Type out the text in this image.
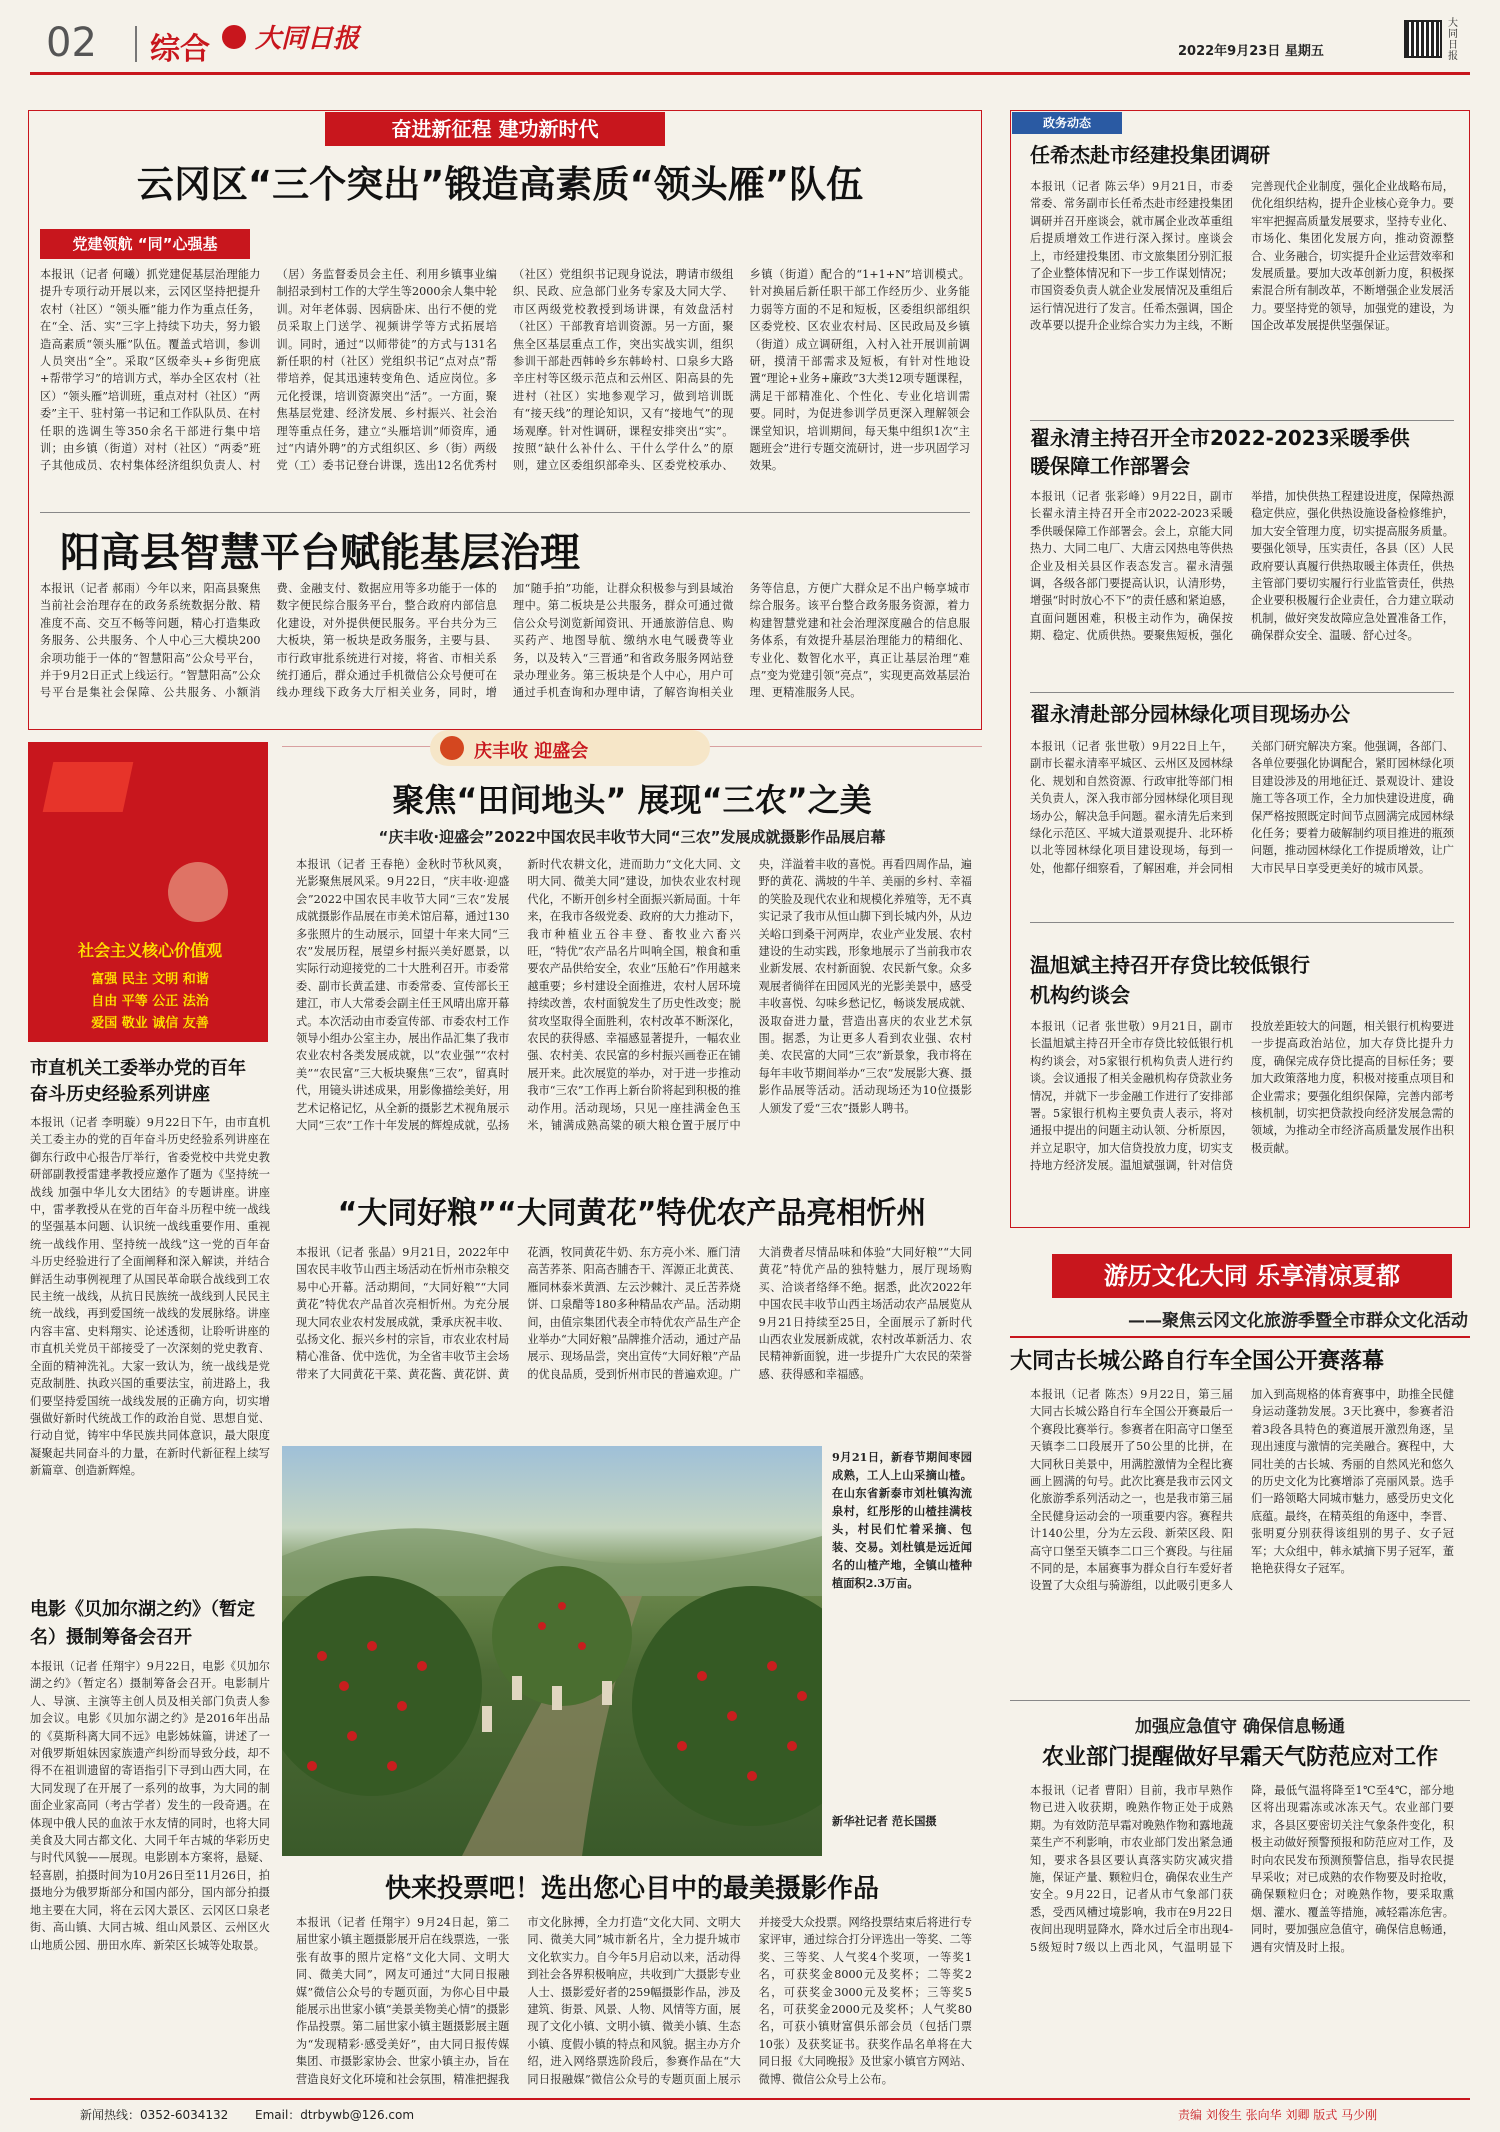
02 综合	大同日报	2022年9月23日 星期五
大同日报
奋进新征程 建功新时代
云冈区“三个突出”锻造高素质“领头雁”队伍
党建领航 “同”心强基
本报讯（记者 何曦）抓党建促基层治理能力提升专项行动开展以来，云冈区坚持把提升农村（社区）“领头雁”能力作为重点任务，在“全、活、实”三字上持续下功夫，努力锻造高素质“领头雁”队伍。覆盖式培训，参训人员突出“全”。采取“区级牵头+乡街兜底+帮带学习”的培训方式，举办全区农村（社区）“领头雁”培训班，重点对村（社区）“两委”主干、驻村第一书记和工作队队员、在村任职的选调生等350余名干部进行集中培训；由乡镇（街道）对村（社区）“两委”班子其他成员、农村集体经济组织负责人、村（居）务监督委员会主任、利用乡镇事业编制招录到村工作的大学生等2000余人集中轮训。对年老体弱、因病卧床、出行不便的党员采取上门送学、视频讲学等方式拓展培训。同时，通过“以师带徒”的方式与131名新任职的村（社区）党组织书记“点对点”帮带培养，促其迅速转变角色、适应岗位。多元化授课，培训资源突出“活”。一方面，聚焦基层党建、经济发展、乡村振兴、社会治理等重点任务，建立“头雁培训”师资库，通过“内请外聘”的方式组织区、乡（街）两级党（工）委书记登台讲课，选出12名优秀村（社区）党组织书记现身说法，聘请市级组织、民政、应急部门业务专家及大同大学、市区两级党校教授到场讲课，有效盘活村（社区）干部教育培训资源。另一方面，聚焦全区基层重点工作，突出实战实训，组织参训干部赴西韩岭乡东韩岭村、口泉乡大路辛庄村等区级示范点和云州区、阳高县的先进村（社区）实地参观学习，做到培训既有“接天线”的理论知识，又有“接地气”的现场观摩。针对性调研，课程安排突出“实”。按照“缺什么补什么、干什么学什么”的原则，建立区委组织部牵头、区委党校承办、乡镇（街道）配合的“1+1+N”培训模式。针对换届后新任职干部工作经历少、业务能力弱等方面的不足和短板，区委组织部组织区委党校、区农业农村局、区民政局及乡镇（街道）成立调研组，入村入社开展训前调研，摸清干部需求及短板，有针对性地设置“理论+业务+廉政”3大类12项专题课程，满足干部精准化、个性化、专业化培训需要。同时，为促进参训学员更深入理解领会课堂知识，培训期间，每天集中组织1次“主题班会”进行专题交流研讨，进一步巩固学习效果。
阳高县智慧平台赋能基层治理
本报讯（记者 郝雨）今年以来，阳高县聚焦当前社会治理存在的政务系统数据分散、精准度不高、交互不畅等问题，精心打造集政务服务、公共服务、个人中心三大模块200余项功能于一体的“智慧阳高”公众号平台，并于9月2日正式上线运行。“智慧阳高”公众号平台是集社会保障、公共服务、小额消费、金融支付、数据应用等多功能于一体的数字便民综合服务平台，整合政府内部信息化建设，对外提供便民服务。平台共分为三大板块，第一板块是政务服务，主要与县、市行政审批系统进行对接，将省、市相关系统打通后，群众通过手机微信公众号便可在线办理线下政务大厅相关业务，同时，增加“随手拍”功能，让群众积极参与到县域治理中。第二板块是公共服务，群众可通过微信公众号浏览新闻资讯、开通旅游信息、购买药产、地图导航、缴纳水电气暖费等业务，以及转入“三晋通”和省政务服务网站登录办理业务。第三板块是个人中心，用户可通过手机查询和办理申请，了解咨询相关业务等信息，方便广大群众足不出户畅享城市综合服务。该平台整合政务服务资源，着力构建智慧党建和社会治理深度融合的信息服务体系，有效提升基层治理能力的精细化、专业化、数智化水平，真正让基层治理“难点”变为党建引领“亮点”，实现更高效基层治理、更精准服务人民。
社会主义核心价值观
富强 民主 文明 和谐
自由 平等 公正 法治
爱国 敬业 诚信 友善
市直机关工委举办党的百年奋斗历史经验系列讲座
本报讯（记者 李明璇）9月22日下午，由市直机关工委主办的党的百年奋斗历史经验系列讲座在御东行政中心报告厅举行，省委党校中共党史教研部副教授雷建孝教授应邀作了题为《坚持统一战线 加强中华儿女大团结》的专题讲座。讲座中，雷孝教授从在党的百年奋斗历程中统一战线的坚强基本问题、认识统一战线重要作用、重视统一战线作用、坚持统一战线“这一党的百年奋斗历史经验进行了全面阐释和深入解读，并结合鲜活生动事例视理了从国民革命联合战线到工农民主统一战线，从抗日民族统一战线到人民民主统一战线，再到爱国统一战线的发展脉络。讲座内容丰富、史料翔实、论述透彻，让聆听讲座的市直机关党员干部接受了一次深刻的党史教育、全面的精神洗礼。大家一致认为，统一战线是党克敌制胜、执政兴国的重要法宝，前进路上，我们要坚持爱国统一战线发展的正确方向，切实增强做好新时代统战工作的政治自觉、思想自觉、行动自觉，铸牢中华民族共同体意识，最大限度凝聚起共同奋斗的力量，在新时代新征程上续写新篇章、创造新辉煌。
电影《贝加尔湖之约》（暂定名）摄制筹备会召开
本报讯（记者 任翔宇）9月22日，电影《贝加尔湖之约》（暂定名）摄制筹备会召开。电影制片人、导演、主演等主创人员及相关部门负责人参加会议。电影《贝加尔湖之约》是2016年出品的《莫斯科离大同不远》电影姊妹篇，讲述了一对俄罗斯姐妹因家族遗产纠纷而导致分歧，却不得不在祖训遗留的寄语指引下寻到山西大同，在大同发现了在开展了一系列的故事，为大同的制面企业家高同（考古学者）发生的一段奇遇。在体现中俄人民的血浓于水友情的同时，也将大同美食及大同古都文化、大同千年古城的华彩历史与时代风貌——展现。电影剧本方案将，悬疑、轻喜剧，拍摄时间为10月26日至11月26日，拍摄地分为俄罗斯部分和国内部分，国内部分拍摄地主要在大同，将在云冈大景区、云冈区口泉老街、高山镇、大同古城、组山风景区、云州区火山地质公园、册田水库、新荣区长城等处取景。
庆丰收 迎盛会
聚焦“田间地头” 展现“三农”之美
“庆丰收·迎盛会”2022中国农民丰收节大同“三农”发展成就摄影作品展启幕
本报讯（记者 王春艳）金秋时节秋风爽，光影聚焦展风采。9月22日，“庆丰收·迎盛会”2022中国农民丰收节大同“三农”发展成就摄影作品展在市美术馆启幕，通过130多张照片的生动展示，回望十年来大同“三农”发展历程，展望乡村振兴美好愿景，以实际行动迎接党的二十大胜利召开。市委常委、副市长黄孟建、市委常委、宣传部长王建江，市人大常委会副主任王风晴出席开幕式。本次活动由市委宣传部、市委农村工作领导小组办公室主办，展出作品汇集了我市农业农村各类发展成就，以“农业强”“农村美”“农民富”三大板块聚焦“三农”，留真时代，用镜头讲述成果，用影像描绘美好，用艺术记格记忆，从全新的摄影艺术视角展示大同“三农”工作十年发展的辉煌成就，弘扬新时代农耕文化，进而助力“文化大同、文明大同、微美大同”建设，加快农业农村现代化，不断开创乡村全面振兴新局面。十年来，在我市各级党委、政府的大力推动下，我市种植业五谷丰登、畜牧业六畜兴旺，“特优”农产品名片叫响全国，粮食和重要农产品供给安全，农业“压舱石”作用越来越重要；乡村建设全面推进，农村人居环境持续改善，农村面貌发生了历史性改变；脱贫攻坚取得全面胜利，农村改革不断深化，农民的获得感、幸福感显著提升，一幅农业强、农村美、农民富的乡村振兴画卷正在铺展开来。此次展览的举办，对于进一步推动我市“三农”工作再上新台阶将起到积极的推动作用。活动现场，只见一座挂满金色玉米，铺满成熟高粱的硕大粮仓置于展厅中央，洋溢着丰收的喜悦。再看四周作品，遍野的黄花、满坡的牛羊、美丽的乡村、幸福的笑脸及现代农业和规模化养殖等，无不真实记录了我市从恒山脚下到长城内外，从边关峪口到桑干河两岸，农业产业发展、农村建设的生动实践，形象地展示了当前我市农业新发展、农村新面貌、农民新气象。众多观展者徜徉在田园风光的光影美景中，感受丰收喜悦、勾味乡愁记忆，畅谈发展成就、汲取奋进力量，营造出喜庆的农业艺术氛围。据悉，为让更多人看到农业强、农村美、农民富的大同“三农”新景象，我市将在每年丰收节期间举办“三农”发展影大赛、摄影作品展等活动。活动现场还为10位摄影人颁发了爱“三农”摄影人聘书。
“大同好粮”“大同黄花”特优农产品亮相忻州
本报讯（记者 张晶）9月21日，2022年中国农民丰收节山西主场活动在忻州市杂粮交易中心开幕。活动期间，“大同好粮”“大同黄花”特优农产品首次亮相忻州。为充分展现大同农业农村发展成就，秉承庆祝丰收、弘扬文化、振兴乡村的宗旨，市农业农村局精心准备、优中选优，为全省丰收节主会场带来了大同黄花干菜、黄花酱、黄花饼、黄花酒，牧同黄花牛奶、东方亮小米、雁门清高苦荞茶、阳高杏脯杏干、浑源正北黄芪、雁同林泰米黄酒、左云沙棘汁、灵丘苦荞烧饼、口泉醋等180多种精品农产品。活动期间，由值宗集团代表全市特优农产品生产企业举办“大同好粮”品牌推介活动，通过产品展示、现场品尝，突出宣传“大同好粮”产品的优良品质，受到忻州市民的普遍欢迎。广大消费者尽情品味和体验“大同好粮”“大同黄花”特优产品的独特魅力，展厅现场购买、洽谈者络绎不绝。据悉，此次2022年中国农民丰收节山西主场活动农产品展览从9月21日持续至25日，全面展示了新时代山西农业发展新成就，农村改革新活力、农民精神新面貌，进一步提升广大农民的荣誉感、获得感和幸福感。
9月21日，新春节期间枣园成熟，工人上山采摘山楂。在山东省新泰市刘杜镇沟流泉村，红彤彤的山楂挂满枝头，村民们忙着采摘、包装、交易。刘杜镇是远近闻名的山楂产地，全镇山楂种植面积2.3万亩。
新华社记者 范长国摄
快来投票吧！选出您心目中的最美摄影作品
本报讯（记者 任翔宇）9月24日起，第二届世家小镇主题摄影展开启在线票选，一张张有故事的照片定格“文化大同、文明大同、微美大同”，网友可通过“大同日报融媒”微信公众号的专题页面，为你心目中最能展示出世家小镇“美景美物美心情”的摄影作品投票。第二届世家小镇主题摄影展主题为“发现精彩·感受美好”，由大同日报传媒集团、市摄影家协会、世家小镇主办，旨在营造良好文化环境和社会氛围，精准把握我市文化脉搏，全力打造“文化大同、文明大同、微美大同”城市新名片，全力提升城市文化软实力。自今年5月启动以来，活动得到社会各界积极响应，共收到广大摄影专业人士、摄影爱好者的259幅摄影作品，涉及建筑、街景、风景、人物、风情等方面，展现了文化小镇、文明小镇、微美小镇、生态小镇、度假小镇的特点和风貌。据主办方介绍，进入网络票选阶段后，参赛作品在“大同日报融媒”微信公众号的专题页面上展示并接受大众投票。网络投票结束后将进行专家评审，通过综合打分评选出一等奖、二等奖、三等奖、人气奖4个奖项，一等奖1名，可获奖金8000元及奖杯；二等奖2名，可获奖金3000元及奖杯；三等奖5名，可获奖金2000元及奖杯；人气奖80名，可获小镇财富俱乐部会员（包括门票10张）及获奖证书。获奖作品名单将在大同日报《大同晚报》及世家小镇官方网站、微博、微信公众号上公布。
政务动态
任希杰赴市经建投集团调研
本报讯（记者 陈云华）9月21日，市委常委、常务副市长任希杰赴市经建投集团调研并召开座谈会，就市属企业改革重组后提质增效工作进行深入探讨。座谈会上，市经建投集团、市文旅集团分别汇报了企业整体情况和下一步工作谋划情况；市国资委负责人就企业发展情况及重组后运行情况进行了发言。任希杰强调，国企改革要以提升企业综合实力为主线，不断完善现代企业制度，强化企业战略布局，优化组织结构，提升企业核心竞争力。要牢牢把握高质量发展要求，坚持专业化、市场化、集团化发展方向，推动资源整合、业务融合，切实提升企业运营效率和发展质量。要加大改革创新力度，积极探索混合所有制改革，不断增强企业发展活力。要坚持党的领导，加强党的建设，为国企改革发展提供坚强保证。
翟永清主持召开全市2022-2023采暖季供暖保障工作部署会
本报讯（记者 张彩峰）9月22日，副市长翟永清主持召开全市2022-2023采暖季供暖保障工作部署会。会上，京能大同热力、大同二电厂、大唐云冈热电等供热企业及相关县区作表态发言。翟永清强调，各级各部门要提高认识，认清形势，增强“时时放心不下”的责任感和紧迫感，直面问题困难，积极主动作为，确保按期、稳定、优质供热。要聚焦短板，强化举措，加快供热工程建设进度，保障热源稳定供应，强化供热设施设备检修维护，加大安全管理力度，切实提高服务质量。要强化领导，压实责任，各县（区）人民政府要认真履行供热取暖主体责任，供热主管部门要切实履行行业监管责任，供热企业要积极履行企业责任，合力建立联动机制，做好突发故障应急处置准备工作，确保群众安全、温暖、舒心过冬。
翟永清赴部分园林绿化项目现场办公
本报讯（记者 张世敬）9月22日上午，副市长翟永清率平城区、云州区及园林绿化、规划和自然资源、行政审批等部门相关负责人，深入我市部分园林绿化项目现场办公，解决急手问题。翟永清先后来到绿化示范区、平城大道景观提升、北环桥以北等园林绿化项目建设现场，每到一处，他都仔细察看，了解困难，并会同相关部门研究解决方案。他强调，各部门、各单位要强化协调配合，紧盯园林绿化项目建设涉及的用地征迁、景观设计、建设施工等各项工作，全力加快建设进度，确保严格按照既定时间节点圆满完成园林绿化任务；要着力破解制约项目推进的瓶颈问题，推动园林绿化工作提质增效，让广大市民早日享受更美好的城市风景。
温旭斌主持召开存贷比较低银行机构约谈会
本报讯（记者 张世敬）9月21日，副市长温旭斌主持召开全市存贷比较低银行机构约谈会，对5家银行机构负责人进行约谈。会议通报了相关金融机构存贷款业务情况，并就下一步金融工作进行了安排部署。5家银行机构主要负责人表示，将对通报中提出的问题主动认领、分析原因，并立足职守，加大信贷投放力度，切实支持地方经济发展。温旭斌强调，针对信贷投放差距较大的问题，相关银行机构要进一步提高政治站位，加大存贷比提升力度，确保完成存贷比提高的目标任务；要加大政策落地力度，积极对接重点项目和企业需求；要强化组织保障，完善内部考核机制，切实把贷款投向经济发展急需的领域，为推动全市经济高质量发展作出积极贡献。
游历文化大同 乐享清凉夏都
——聚焦云冈文化旅游季暨全市群众文化活动
大同古长城公路自行车全国公开赛落幕
本报讯（记者 陈杰）9月22日，第三届大同古长城公路自行车全国公开赛最后一个赛段比赛举行。参赛者在阳高守口堡至天镇李二口段展开了50公里的比拼，在大同秋日美景中，用满腔激情为全程比赛画上圆满的句号。此次比赛是我市云冈文化旅游季系列活动之一，也是我市第三届全民健身运动会的一项重要内容。赛程共计140公里，分为左云段、新荣区段、阳高守口堡至天镇李二口三个赛段。与往届不同的是，本届赛事为群众自行车爱好者设置了大众组与骑游组，以此吸引更多人加入到高规格的体育赛事中，助推全民健身运动蓬勃发展。3天比赛中，参赛者沿着3段各具特色的赛道展开激烈角逐，呈现出速度与激情的完美融合。赛程中，大同壮美的古长城、秀丽的自然风光和悠久的历史文化为比赛增添了亮丽风景。选手们一路领略大同城市魅力，感受历史文化底蕴。最终，在精英组的角逐中，李晋、张明夏分别获得该组别的男子、女子冠军；大众组中，韩永斌摘下男子冠军，董艳艳获得女子冠军。
加强应急值守 确保信息畅通
农业部门提醒做好早霜天气防范应对工作
本报讯（记者 曹阳）目前，我市早熟作物已进入收获期，晚熟作物正处于成熟期。为有效防范早霜对晚熟作物和露地蔬菜生产不利影响，市农业部门发出紧急通知，要求各县区要认真落实防灾减灾措施，保证产量、颗粒归仓，确保农业生产安全。9月22日，记者从市气象部门获悉，受西风槽过境影响，我市在9月22日夜间出现明显降水，降水过后全市出现4-5级短时7级以上西北风，气温明显下降，最低气温将降至1℃至4℃，部分地区将出现霜冻或冰冻天气。农业部门要求，各县区要密切关注气象条件变化，积极主动做好预警预报和防范应对工作，及时向农民发布预测预警信息，指导农民提早采收；对已成熟的农作物要及时抢收，确保颗粒归仓；对晚熟作物，要采取熏烟、灌水、覆盖等措施，减轻霜冻危害。同时，要加强应急值守，确保信息畅通，遇有灾情及时上报。
新闻热线：0352-6034132 Email：dtrbywb@126.com	责编 刘俊生 张向华 刘卿 版式 马少刚
